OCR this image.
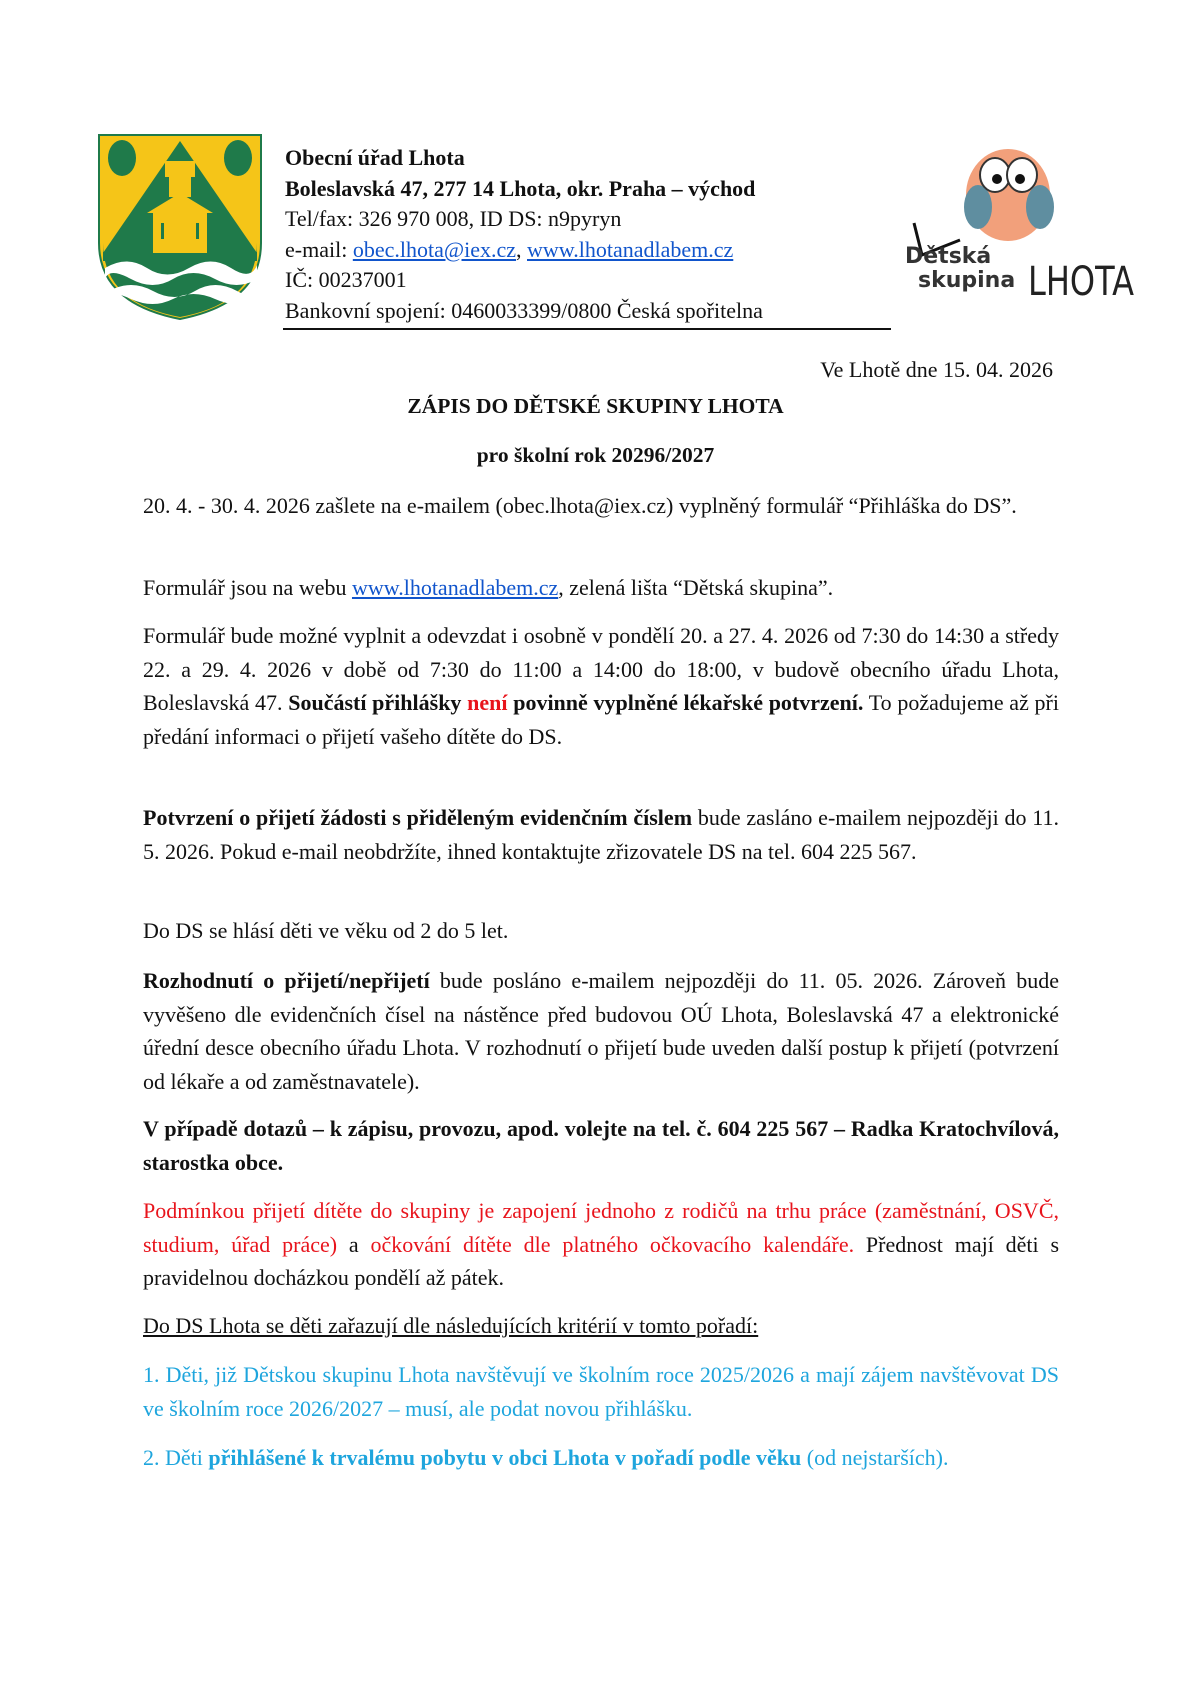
Obecní úřad Lhota
Boleslavská 47, 277 14 Lhota, okr. Praha – východ
Tel/fax: 326 970 008, ID DS: n9pyryn
e-mail: obec.lhota@iex.cz, www.lhotanadlabem.cz
IČ: 00237001
Bankovní spojení: 0460033399/0800 Česká spořitelna
Dětská
skupina LHOTA
Ve Lhotě dne 15. 04. 2026
ZÁPIS DO DĚTSKÉ SKUPINY LHOTA
pro školní rok 20296/2027

20. 4. - 30. 4. 2026 zašlete na e-mailem (obec.lhota@iex.cz) vyplněný formulář “Přihláška do DS”.

Formulář jsou na webu www.lhotanadlabem.cz, zelená lišta “Dětská skupina”.

Formulář bude možné vyplnit a odevzdat i osobně v pondělí 20. a 27. 4. 2026 od 7:30 do 14:30 a středy 22. a 29. 4. 2026 v době od 7:30 do 11:00 a 14:00 do 18:00, v budově obecního úřadu Lhota, Boleslavská 47. Součástí přihlášky není povinně vyplněné lékařské potvrzení. To požadujeme až při předání informaci o přijetí vašeho dítěte do DS.

Potvrzení o přijetí žádosti s přiděleným evidenčním číslem bude zasláno e-mailem nejpozději do 11. 5. 2026. Pokud e-mail neobdržíte, ihned kontaktujte zřizovatele DS na tel. 604 225 567.

Do DS se hlásí děti ve věku od 2 do 5 let.

Rozhodnutí o přijetí/nepřijetí bude posláno e-mailem nejpozději do 11. 05. 2026. Zároveň bude vyvěšeno dle evidenčních čísel na nástěnce před budovou OÚ Lhota, Boleslavská 47 a elektronické úřední desce obecního úřadu Lhota. V rozhodnutí o přijetí bude uveden další postup k přijetí (potvrzení od lékaře a od zaměstnavatele).

V případě dotazů – k zápisu, provozu, apod. volejte na tel. č. 604 225 567 – Radka Kratochvílová, starostka obce.

Podmínkou přijetí dítěte do skupiny je zapojení jednoho z rodičů na trhu práce (zaměstnání, OSVČ, studium, úřad práce) a očkování dítěte dle platného očkovacího kalendáře. Přednost mají děti s pravidelnou docházkou pondělí až pátek.

Do DS Lhota se děti zařazují dle následujících kritérií v tomto pořadí:

1. Děti, již Dětskou skupinu Lhota navštěvují ve školním roce 2025/2026 a mají zájem navštěvovat DS ve školním roce 2026/2027 – musí, ale podat novou přihlášku.

2. Děti přihlášené k trvalému pobytu v obci Lhota v pořadí podle věku (od nejstarších).
